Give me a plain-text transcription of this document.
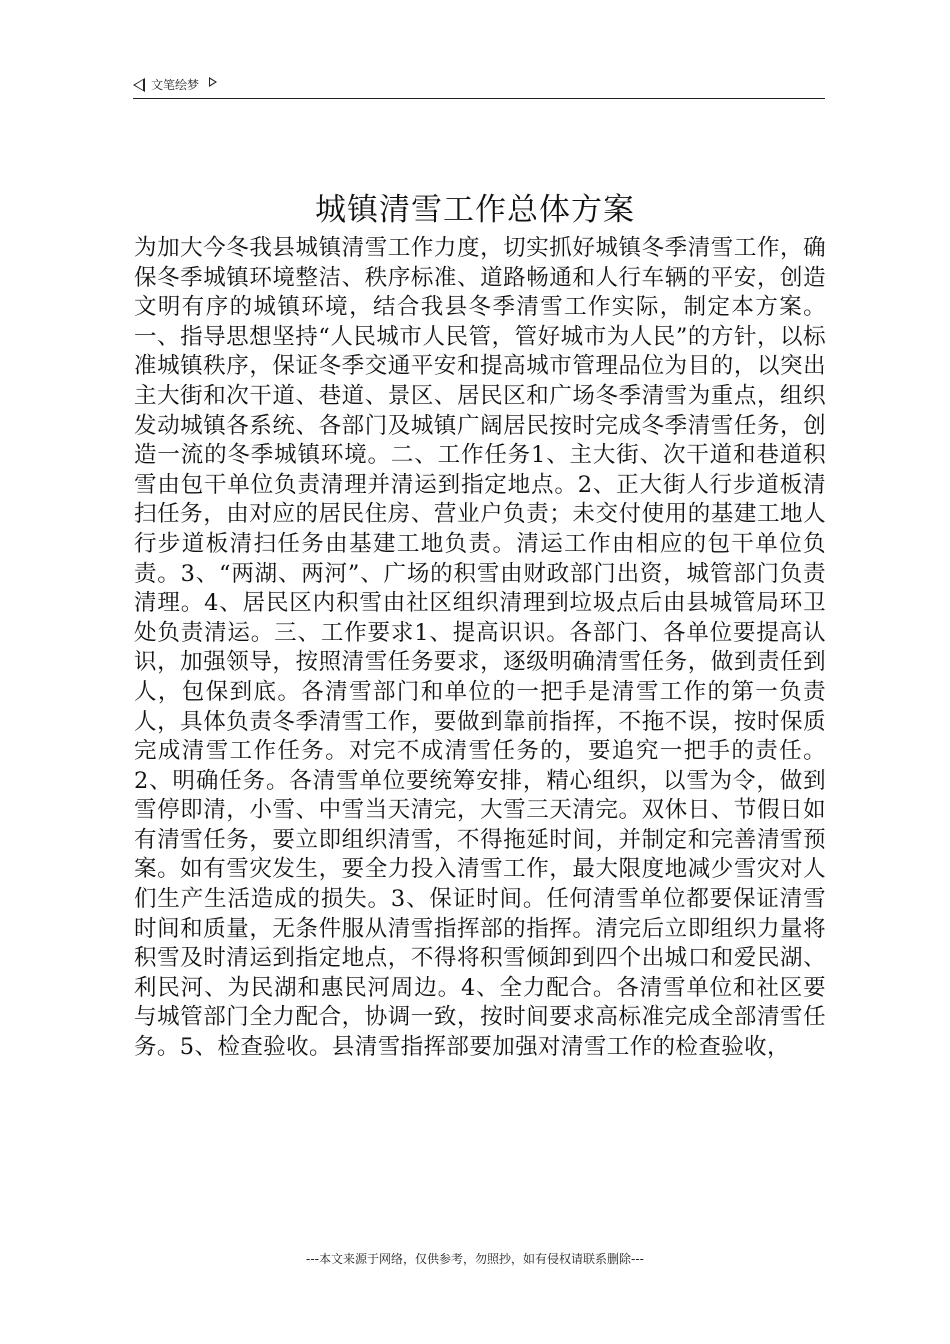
文笔绘梦
城镇清雪工作总体方案
为加大今冬我县城镇清雪工作力度，切实抓好城镇冬季清雪工作，确保冬季城镇环境整洁、秩序标准、道路畅通和人行车辆的平安，创造文明有序的城镇环境，结合我县冬季清雪工作实际，制定本方案。一、指导思想坚持“人民城市人民管，管好城市为人民”的方针，以标准城镇秩序，保证冬季交通平安和提高城市管理品位为目的，以突出主大街和次干道、巷道、景区、居民区和广场冬季清雪为重点，组织发动城镇各系统、各部门及城镇广阔居民按时完成冬季清雪任务，创造一流的冬季城镇环境。二、工作任务1、主大街、次干道和巷道积雪由包干单位负责清理并清运到指定地点。2、正大街人行步道板清扫任务，由对应的居民住房、营业户负责；未交付使用的基建工地人行步道板清扫任务由基建工地负责。清运工作由相应的包干单位负责。3、“两湖、两河”、广场的积雪由财政部门出资，城管部门负责清理。4、居民区内积雪由社区组织清理到垃圾点后由县城管局环卫处负责清运。三、工作要求1、提高识识。各部门、各单位要提高认识，加强领导，按照清雪任务要求，逐级明确清雪任务，做到责任到人，包保到底。各清雪部门和单位的一把手是清雪工作的第一负责人，具体负责冬季清雪工作，要做到靠前指挥，不拖不误，按时保质完成清雪工作任务。对完不成清雪任务的，要追究一把手的责任。2、明确任务。各清雪单位要统筹安排，精心组织，以雪为令，做到雪停即清，小雪、中雪当天清完，大雪三天清完。双休日、节假日如有清雪任务，要立即组织清雪，不得拖延时间，并制定和完善清雪预案。如有雪灾发生，要全力投入清雪工作，最大限度地减少雪灾对人们生产生活造成的损失。3、保证时间。任何清雪单位都要保证清雪时间和质量，无条件服从清雪指挥部的指挥。清完后立即组织力量将积雪及时清运到指定地点，不得将积雪倾卸到四个出城口和爱民湖、利民河、为民湖和惠民河周边。4、全力配合。各清雪单位和社区要与城管部门全力配合，协调一致，按时间要求高标准完成全部清雪任务。5、检查验收。县清雪指挥部要加强对清雪工作的检查验收，
---本文来源于网络，仅供参考，勿照抄，如有侵权请联系删除---
